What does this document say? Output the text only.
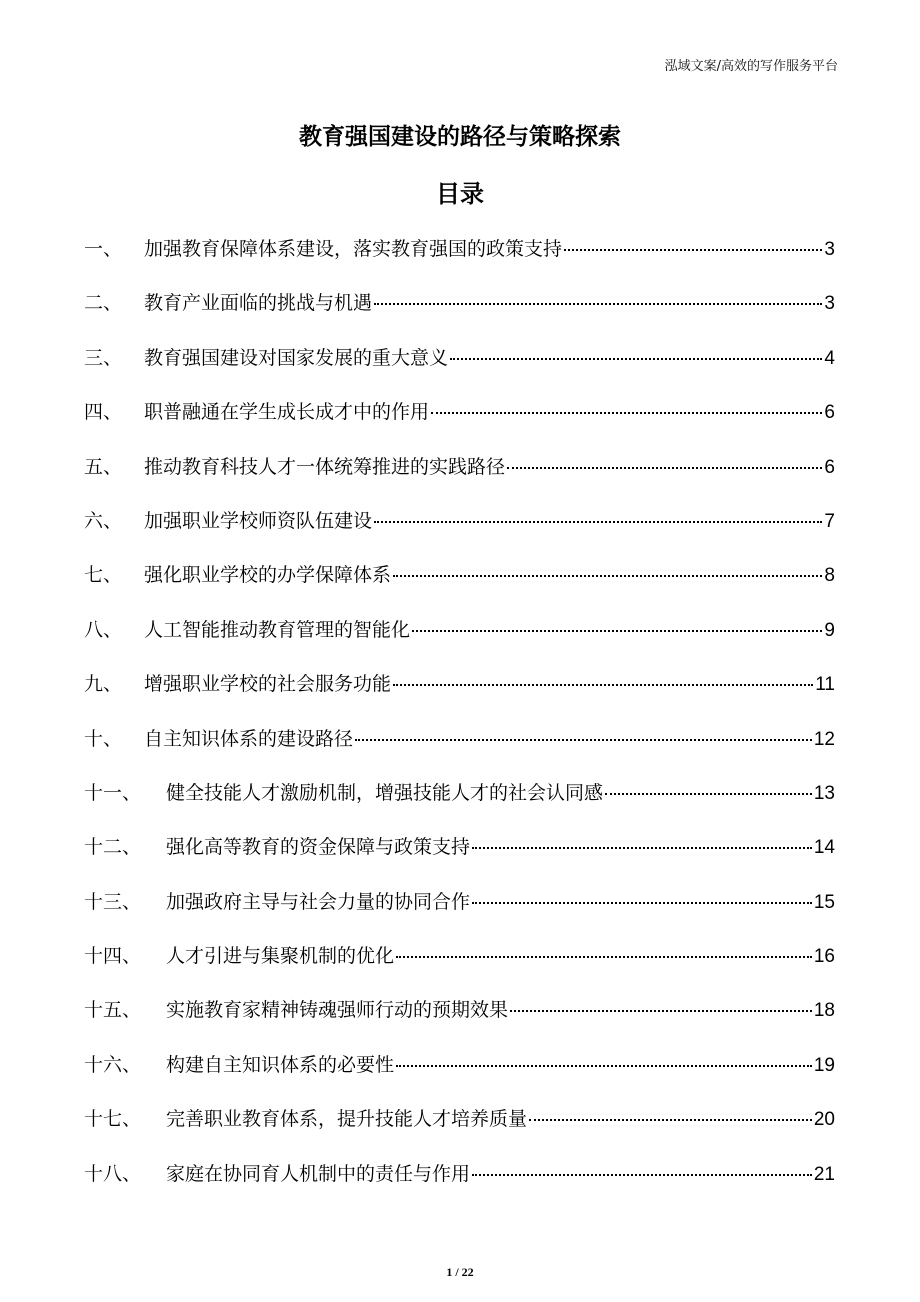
泓域文案/高效的写作服务平台
教育强国建设的路径与策略探索
目录
一、	加强教育保障体系建设，落实教育强国的政策支持	3
二、	教育产业面临的挑战与机遇	3
三、	教育强国建设对国家发展的重大意义	4
四、	职普融通在学生成长成才中的作用	6
五、	推动教育科技人才一体统筹推进的实践路径	6
六、	加强职业学校师资队伍建设	7
七、	强化职业学校的办学保障体系	8
八、	人工智能推动教育管理的智能化	9
九、	增强职业学校的社会服务功能	11
十、	自主知识体系的建设路径	12
十一、	健全技能人才激励机制，增强技能人才的社会认同感	13
十二、	强化高等教育的资金保障与政策支持	14
十三、	加强政府主导与社会力量的协同合作	15
十四、	人才引进与集聚机制的优化	16
十五、	实施教育家精神铸魂强师行动的预期效果	18
十六、	构建自主知识体系的必要性	19
十七、	完善职业教育体系，提升技能人才培养质量	20
十八、	家庭在协同育人机制中的责任与作用	21
1 / 22
